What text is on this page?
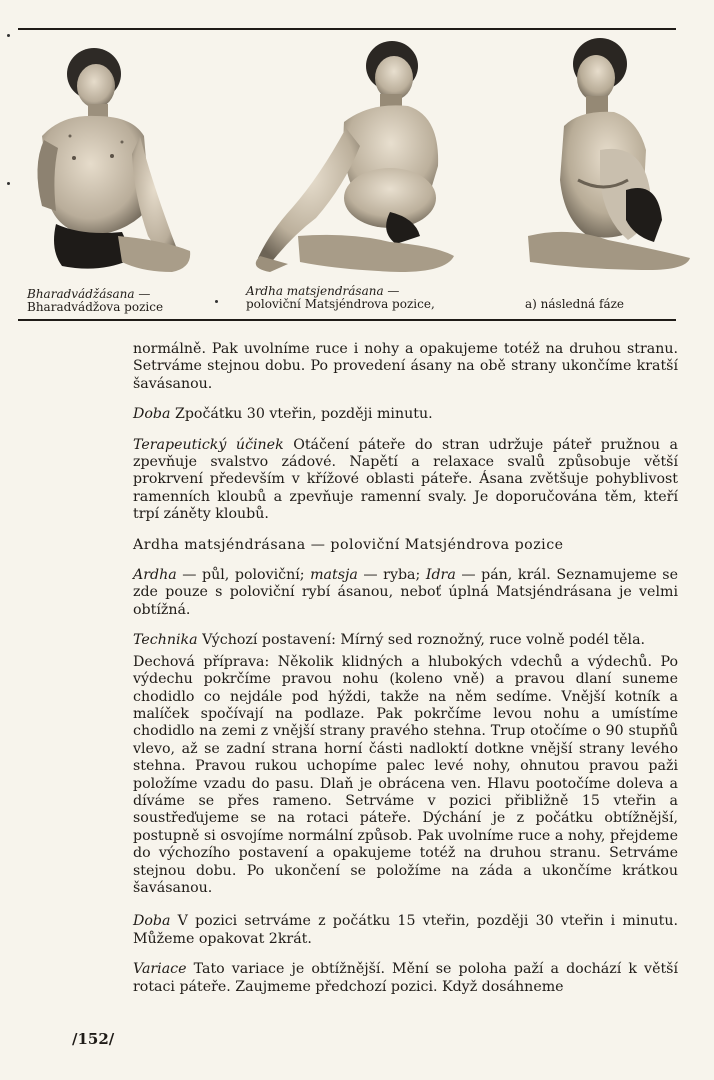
Bharadvádžásana —
Bharadvádžova pozice
Ardha matsjendrásana —
poloviční Matsjéndrova pozice,	a) následná fáze

normálně. Pak uvolníme ruce i nohy a opakujeme totéž na druhou stranu. Setrváme stejnou dobu. Po provedení ásany na obě strany ukončíme kratší šavásanou.

Doba Zpočátku 30 vteřin, později minutu.

Terapeutický účinek Otáčení páteře do stran udržuje páteř pružnou a zpevňuje svalstvo zádové. Napětí a relaxace svalů způsobuje větší prokrvení především v křížové oblasti páteře. Ásana zvětšuje pohyblivost ramenních kloubů a zpevňuje ramenní svaly. Je doporučována těm, kteří trpí záněty kloubů.

Ardha matsjéndrásana — poloviční Matsjéndrova pozice

Ardha — půl, poloviční; matsja — ryba; Idra — pán, král. Seznamujeme se zde pouze s poloviční rybí ásanou, neboť úplná Matsjéndrásana je velmi obtížná.

Technika Výchozí postavení: Mírný sed roznožný, ruce volně podél těla.

Dechová příprava: Několik klidných a hlubokých vdechů a výdechů. Po výdechu pokrčíme pravou nohu (koleno vně) a pravou dlaní suneme chodidlo co nejdále pod hýždi, takže na něm sedíme. Vnější kotník a malíček spočívají na podlaze. Pak pokrčíme levou nohu a umístíme chodidlo na zemi z vnější strany pravého stehna. Trup otočíme o 90 stupňů vlevo, až se zadní strana horní části nadloktí dotkne vnější strany levého stehna. Pravou rukou uchopíme palec levé nohy, ohnutou pravou paži položíme vzadu do pasu. Dlaň je obrácena ven. Hlavu pootočíme doleva a díváme se přes rameno. Setrváme v pozici přibližně 15 vteřin a soustřeďujeme se na rotaci páteře. Dýchání je z počátku obtížnější, postupně si osvojíme normální způsob. Pak uvolníme ruce a nohy, přejdeme do výchozího postavení a opakujeme totéž na druhou stranu. Setrváme stejnou dobu. Po ukončení se položíme na záda a ukončíme krátkou šavásanou.

Doba V pozici setrváme z počátku 15 vteřin, později 30 vteřin i minutu. Můžeme opakovat 2krát.

Variace Tato variace je obtížnější. Mění se poloha paží a dochází k větší rotaci páteře. Zaujmeme předchozí pozici. Když dosáhneme

/152/
